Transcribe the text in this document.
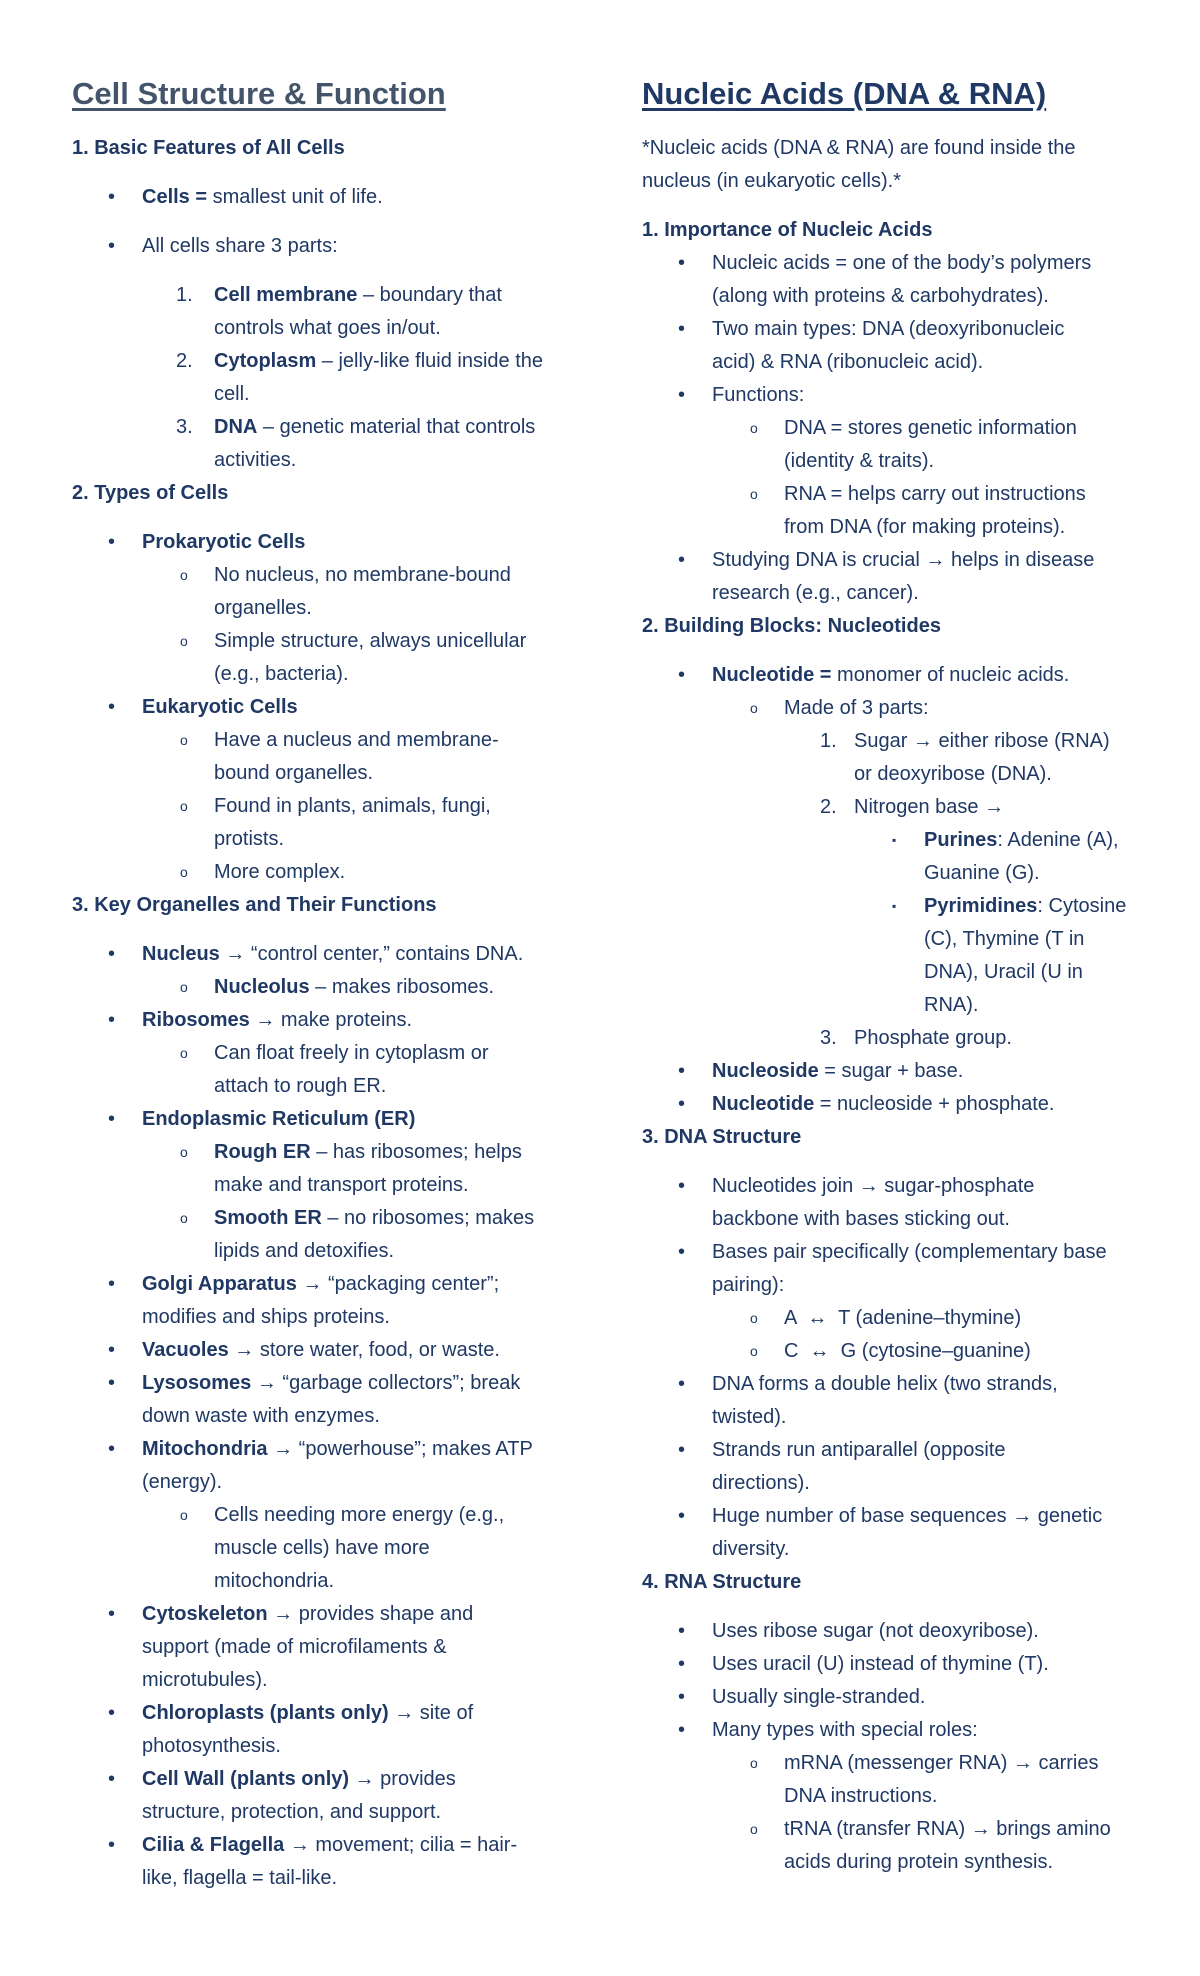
Cell Structure & Function
1. Basic Features of All Cells
• Cells = smallest unit of life.
• All cells share 3 parts:
1. Cell membrane – boundary that
controls what goes in/out.
2. Cytoplasm – jelly-like fluid inside the
cell.
3. DNA – genetic material that controls
activities.
2. Types of Cells
• Prokaryotic Cells
o No nucleus, no membrane-bound
organelles.
o Simple structure, always unicellular
(e.g., bacteria).
• Eukaryotic Cells
o Have a nucleus and membrane-
bound organelles.
o Found in plants, animals, fungi,
protists.
o More complex.
3. Key Organelles and Their Functions
• Nucleus → “control center,” contains DNA.
o Nucleolus – makes ribosomes.
• Ribosomes → make proteins.
o Can float freely in cytoplasm or
attach to rough ER.
• Endoplasmic Reticulum (ER)
o Rough ER – has ribosomes; helps
make and transport proteins.
o Smooth ER – no ribosomes; makes
lipids and detoxifies.
• Golgi Apparatus → “packaging center”;
modifies and ships proteins.
• Vacuoles → store water, food, or waste.
• Lysosomes → “garbage collectors”; break
down waste with enzymes.
• Mitochondria → “powerhouse”; makes ATP
(energy).
o Cells needing more energy (e.g.,
muscle cells) have more
mitochondria.
• Cytoskeleton → provides shape and
support (made of microfilaments &
microtubules).
• Chloroplasts (plants only) → site of
photosynthesis.
• Cell Wall (plants only) → provides
structure, protection, and support.
• Cilia & Flagella → movement; cilia = hair-
like, flagella = tail-like.
Nucleic Acids (DNA & RNA)
*Nucleic acids (DNA & RNA) are found inside the
nucleus (in eukaryotic cells).*
1. Importance of Nucleic Acids
• Nucleic acids = one of the body’s polymers
(along with proteins & carbohydrates).
• Two main types: DNA (deoxyribonucleic
acid) & RNA (ribonucleic acid).
• Functions:
o DNA = stores genetic information
(identity & traits).
o RNA = helps carry out instructions
from DNA (for making proteins).
• Studying DNA is crucial → helps in disease
research (e.g., cancer).
2. Building Blocks: Nucleotides
• Nucleotide = monomer of nucleic acids.
o Made of 3 parts:
1. Sugar → either ribose (RNA)
or deoxyribose (DNA).
2. Nitrogen base →
▪ Purines: Adenine (A),
Guanine (G).
▪ Pyrimidines: Cytosine
(C), Thymine (T in
DNA), Uracil (U in
RNA).
3. Phosphate group.
• Nucleoside = sugar + base.
• Nucleotide = nucleoside + phosphate.
3. DNA Structure
• Nucleotides join → sugar-phosphate
backbone with bases sticking out.
• Bases pair specifically (complementary base
pairing):
o A  ↔  T (adenine–thymine)
o C  ↔  G (cytosine–guanine)
• DNA forms a double helix (two strands,
twisted).
• Strands run antiparallel (opposite
directions).
• Huge number of base sequences → genetic
diversity.
4. RNA Structure
• Uses ribose sugar (not deoxyribose).
• Uses uracil (U) instead of thymine (T).
• Usually single-stranded.
• Many types with special roles:
o mRNA (messenger RNA) → carries
DNA instructions.
o tRNA (transfer RNA) → brings amino
acids during protein synthesis.
